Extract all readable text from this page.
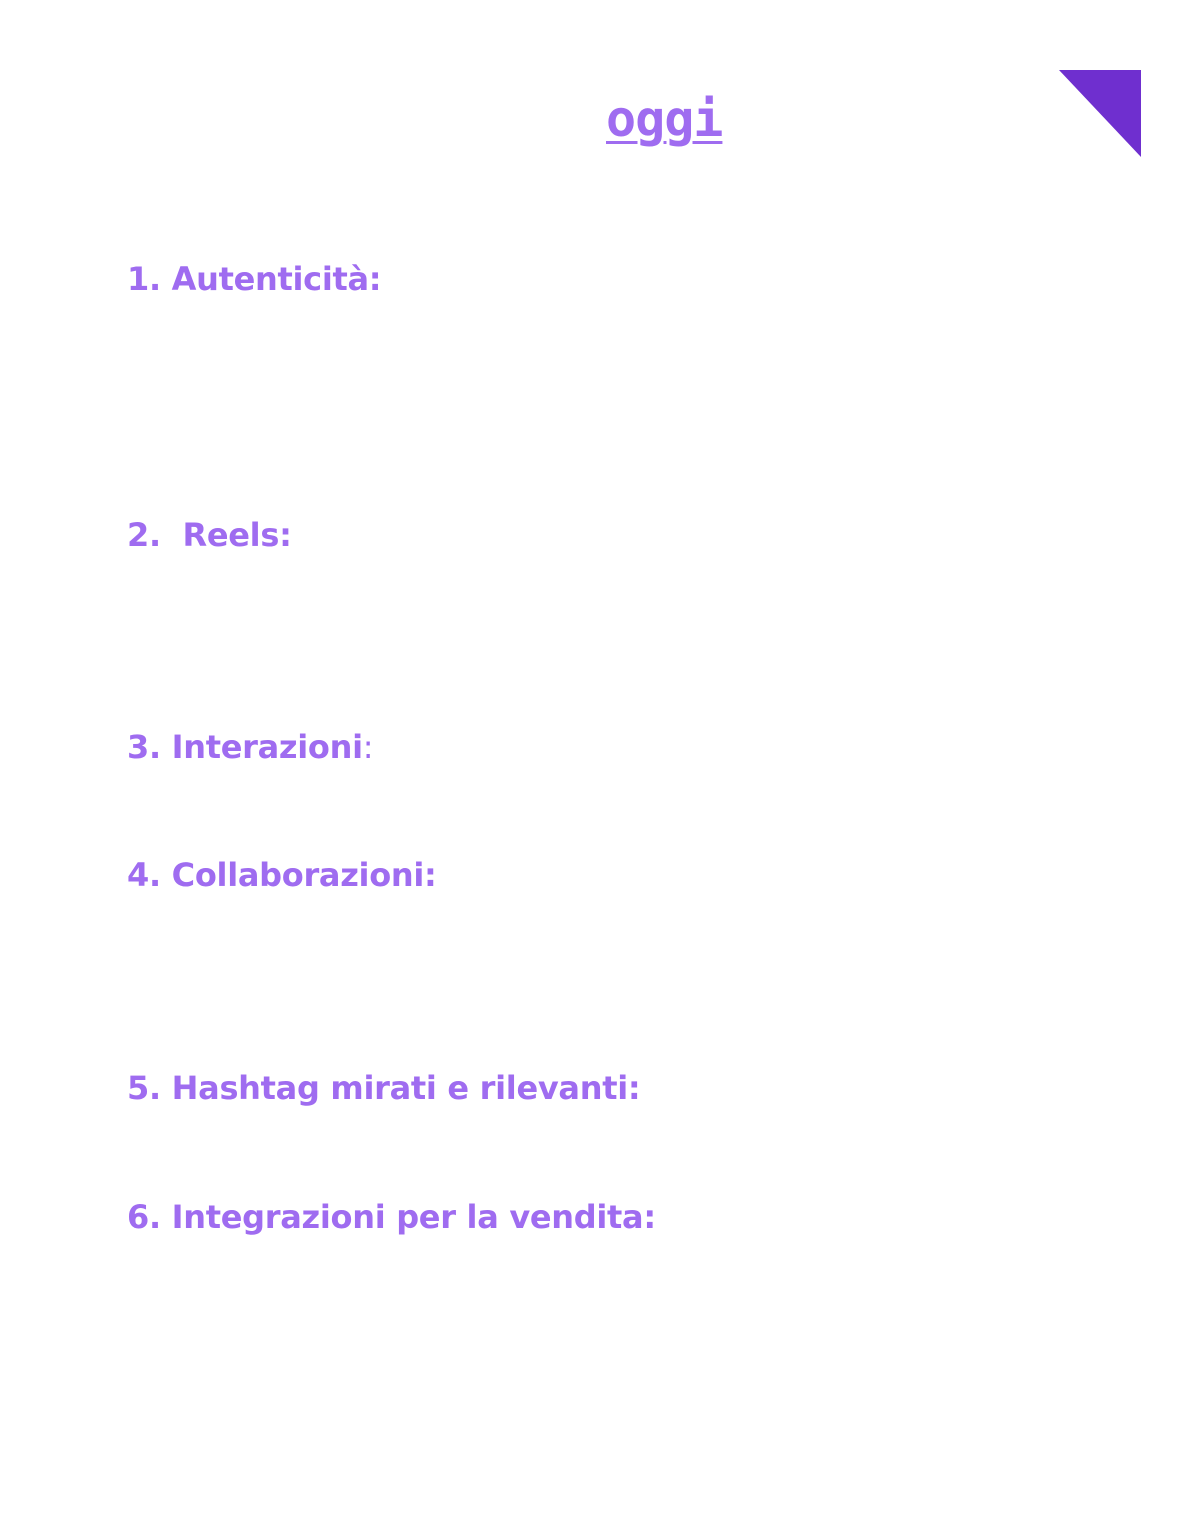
oggi

1. Autenticità:

2.  Reels:

3. Interazioni:

4. Collaborazioni:

5. Hashtag mirati e rilevanti:

6. Integrazioni per la vendita:
